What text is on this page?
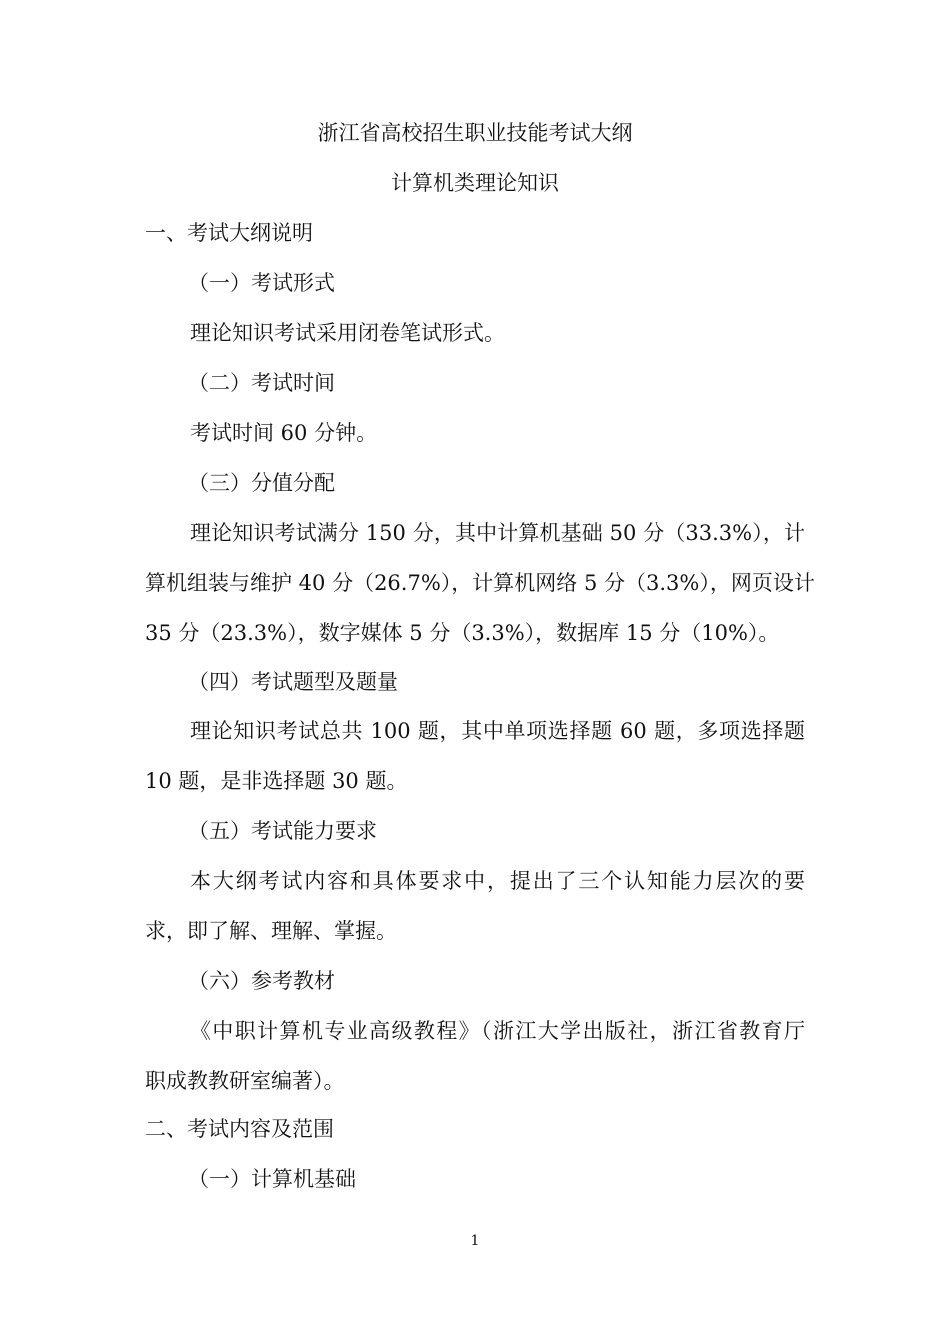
浙江省高校招生职业技能考试大纲

计算机类理论知识

一、考试大纲说明

（一）考试形式

理论知识考试采用闭卷笔试形式。

（二）考试时间

考试时间 60 分钟。

（三）分值分配

理论知识考试满分 150 分，其中计算机基础 50 分（33.3%），计

算机组装与维护 40 分（26.7%），计算机网络 5 分（3.3%），网页设计

35 分（23.3%），数字媒体 5 分（3.3%），数据库 15 分（10%）。

（四）考试题型及题量

理论知识考试总共 100 题，其中单项选择题 60 题，多项选择题

10 题，是非选择题 30 题。

（五）考试能力要求

本大纲考试内容和具体要求中，提出了三个认知能力层次的要

求，即了解、理解、掌握。

（六）参考教材

《中职计算机专业高级教程》（浙江大学出版社，浙江省教育厅

职成教教研室编著）。

二、考试内容及范围

（一）计算机基础

1
